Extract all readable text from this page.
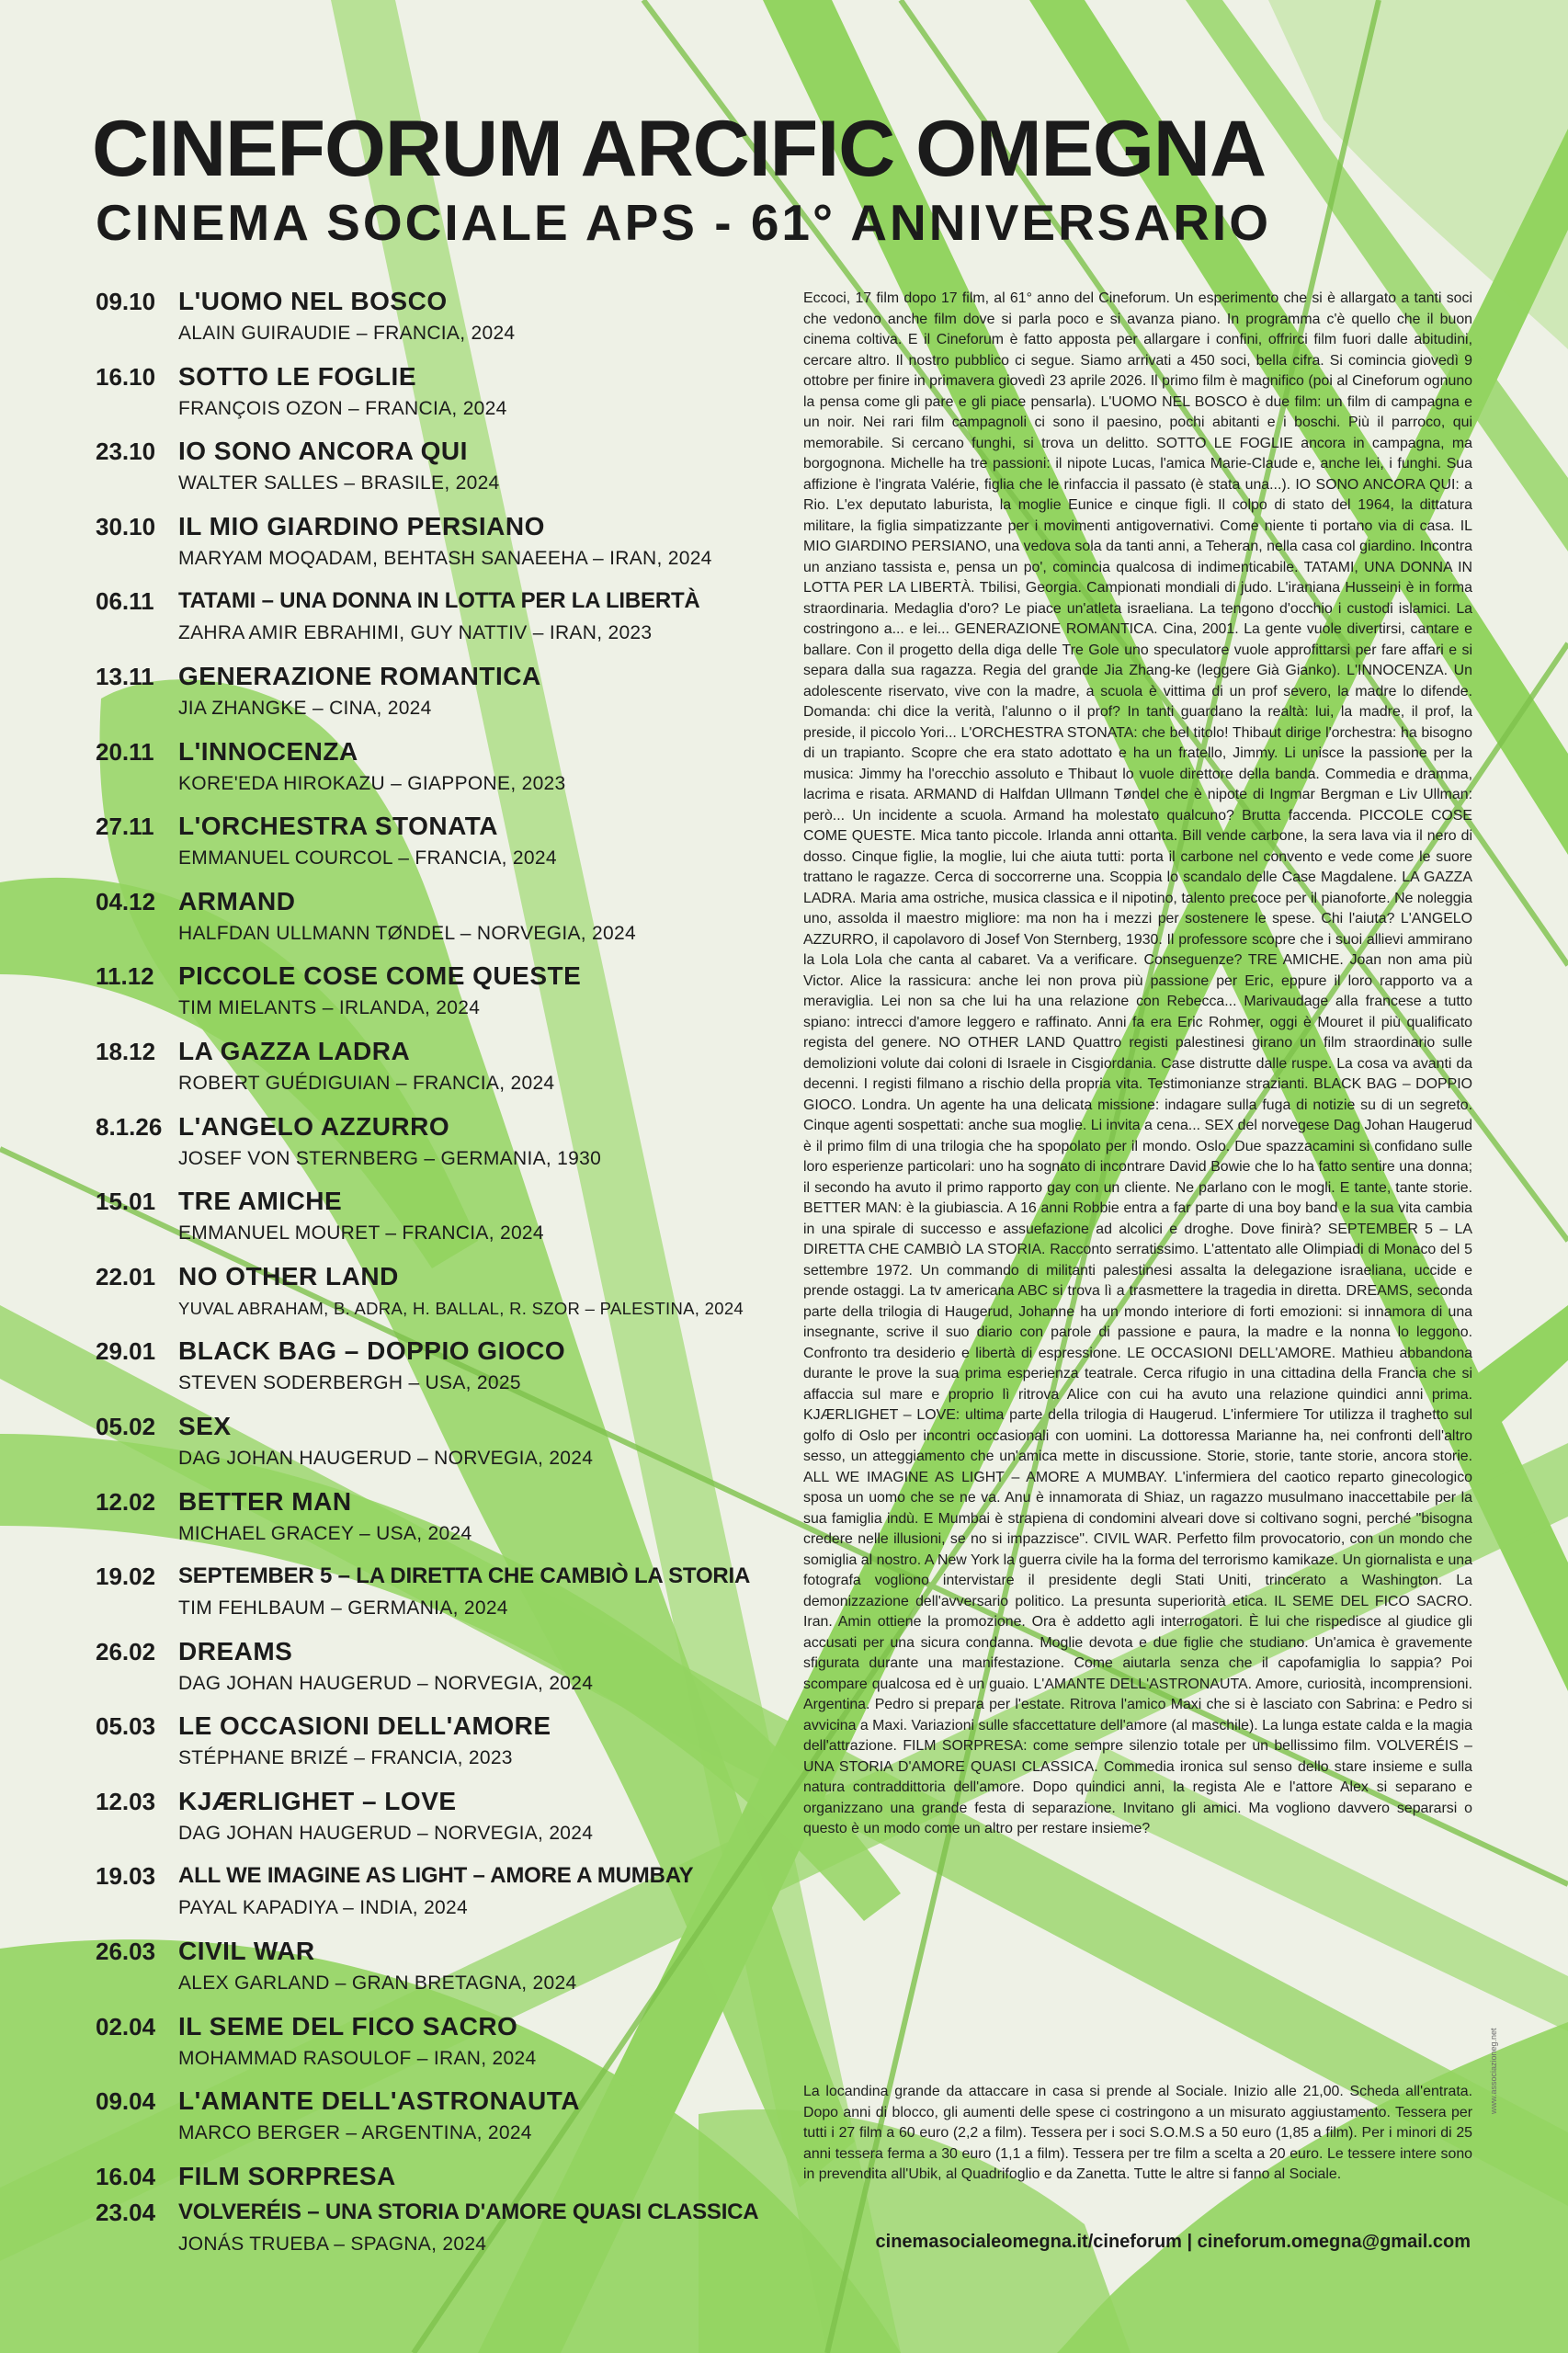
CINEFORUM ARCIFIC OMEGNA
CINEMA SOCIALE APS - 61° ANNIVERSARIO
09.10 L'UOMO NEL BOSCO
ALAIN GUIRAUDIE – FRANCIA, 2024
16.10 SOTTO LE FOGLIE
FRANÇOIS OZON – FRANCIA, 2024
23.10 IO SONO ANCORA QUI
WALTER SALLES – BRASILE, 2024
30.10 IL MIO GIARDINO PERSIANO
MARYAM MOQADAM, BEHTASH SANAEEHA – IRAN, 2024
06.11	TATAMI – UNA DONNA IN LOTTA PER LA LIBERTÀ
ZAHRA AMIR EBRAHIMI, GUY NATTIV – IRAN, 2023
13.11 GENERAZIONE ROMANTICA
JIA ZHANGKE – CINA, 2024
20.11 L'INNOCENZA
KORE'EDA HIROKAZU – GIAPPONE, 2023
27.11 L'ORCHESTRA STONATA
EMMANUEL COURCOL – FRANCIA, 2024
04.12 ARMAND
HALFDAN ULLMANN TØNDEL – NORVEGIA, 2024
11.12 PICCOLE COSE COME QUESTE
TIM MIELANTS – IRLANDA, 2024
18.12 LA GAZZA LADRA
ROBERT GUÉDIGUIAN – FRANCIA, 2024
8.1.26 L'ANGELO AZZURRO
JOSEF VON STERNBERG – GERMANIA, 1930
15.01 TRE AMICHE
EMMANUEL MOURET – FRANCIA, 2024
22.01 NO OTHER LAND
YUVAL ABRAHAM, B. ADRA, H. BALLAL, R. SZOR – PALESTINA, 2024
29.01 BLACK BAG – DOPPIO GIOCO
STEVEN SODERBERGH – USA, 2025
05.02 SEX
DAG JOHAN HAUGERUD – NORVEGIA, 2024
12.02 BETTER MAN
MICHAEL GRACEY – USA, 2024
19.02	SEPTEMBER 5 – LA DIRETTA CHE CAMBIÒ LA STORIA
TIM FEHLBAUM – GERMANIA, 2024
26.02 DREAMS
DAG JOHAN HAUGERUD – NORVEGIA, 2024
05.03 LE OCCASIONI DELL'AMORE
STÉPHANE BRIZÉ – FRANCIA, 2023
12.03 KJÆRLIGHET – LOVE
DAG JOHAN HAUGERUD – NORVEGIA, 2024
19.03	ALL WE IMAGINE AS LIGHT – AMORE A MUMBAY
PAYAL KAPADIYA – INDIA, 2024
26.03 CIVIL WAR
ALEX GARLAND – GRAN BRETAGNA, 2024
02.04 IL SEME DEL FICO SACRO
MOHAMMAD RASOULOF – IRAN, 2024
09.04 L'AMANTE DELL'ASTRONAUTA
MARCO BERGER – ARGENTINA, 2024
16.04 FILM SORPRESA
23.04	VOLVERÉIS – UNA STORIA D'AMORE QUASI CLASSICA
JONÁS TRUEBA – SPAGNA, 2024
Eccoci, 17 film dopo 17 film, al 61° anno del Cineforum. Un esperimento che si è allargato a tanti soci che vedono anche film dove si parla poco e si avanza piano. In programma c'è quello che il buon cinema coltiva. E il Cineforum è fatto apposta per allargare i confini, offrirci film fuori dalle abitudini, cercare altro. Il nostro pubblico ci segue. Siamo arrivati a 450 soci, bella cifra. Si comincia giovedì 9 ottobre per finire in primavera giovedì 23 aprile 2026. Il primo film è magnifico (poi al Cineforum ognuno la pensa come gli pare e gli piace pensarla). L'UOMO NEL BOSCO è due film: un film di campagna e un noir. Nei rari film campagnoli ci sono il paesino, pochi abitanti e i boschi. Più il parroco, qui memorabile. Si cercano funghi, si trova un delitto. SOTTO LE FOGLIE ancora in campagna, ma borgognona. Michelle ha tre passioni: il nipote Lucas, l'amica Marie-Claude e, anche lei, i funghi. Sua affizione è l'ingrata Valérie, figlia che le rinfaccia il passato (è stata una...). IO SONO ANCORA QUI: a Rio. L'ex deputato laburista, la moglie Eunice e cinque figli. Il colpo di stato del 1964, la dittatura militare, la figlia simpatizzante per i movimenti antigovernativi. Come niente ti portano via di casa. IL MIO GIARDINO PERSIANO, una vedova sola da tanti anni, a Teheran, nella casa col giardino. Incontra un anziano tassista e, pensa un po', comincia qualcosa di indimenticabile. TATAMI, UNA DONNA IN LOTTA PER LA LIBERTÀ. Tbilisi, Georgia. Campionati mondiali di judo. L'iraniana Husseini è in forma straordinaria. Medaglia d'oro? Le piace un'atleta israeliana. La tengono d'occhio i custodi islamici. La costringono a... e lei... GENERAZIONE ROMANTICA. Cina, 2001. La gente vuole divertirsi, cantare e ballare. Con il progetto della diga delle Tre Gole uno speculatore vuole approfittarsi per fare affari e si separa dalla sua ragazza. Regia del grande Jia Zhang-ke (leggere Già Gianko). L'INNOCENZA. Un adolescente riservato, vive con la madre, a scuola è vittima di un prof severo, la madre lo difende. Domanda: chi dice la verità, l'alunno o il prof? In tanti guardano la realtà: lui, la madre, il prof, la preside, il piccolo Yori... L'ORCHESTRA STONATA: che bel titolo! Thibaut dirige l'orchestra: ha bisogno di un trapianto. Scopre che era stato adottato e ha un fratello, Jimmy. Li unisce la passione per la musica: Jimmy ha l'orecchio assoluto e Thibaut lo vuole direttore della banda. Commedia e dramma, lacrima e risata. ARMAND di Halfdan Ullmann Tøndel che è nipote di Ingmar Bergman e Liv Ullman: però... Un incidente a scuola. Armand ha molestato qualcuno? Brutta faccenda. PICCOLE COSE COME QUESTE. Mica tanto piccole. Irlanda anni ottanta. Bill vende carbone, la sera lava via il nero di dosso. Cinque figlie, la moglie, lui che aiuta tutti: porta il carbone nel convento e vede come le suore trattano le ragazze. Cerca di soccorrerne una. Scoppia lo scandalo delle Case Magdalene. LA GAZZA LADRA. Maria ama ostriche, musica classica e il nipotino, talento precoce per il pianoforte. Ne noleggia uno, assolda il maestro migliore: ma non ha i mezzi per sostenere le spese. Chi l'aiuta? L'ANGELO AZZURRO, il capolavoro di Josef Von Sternberg, 1930. Il professore scopre che i suoi allievi ammirano la Lola Lola che canta al cabaret. Va a verificare. Conseguenze? TRE AMICHE. Joan non ama più Victor. Alice la rassicura: anche lei non prova più passione per Eric, eppure il loro rapporto va a meraviglia. Lei non sa che lui ha una relazione con Rebecca... Marivaudage alla francese a tutto spiano: intrecci d'amore leggero e raffinato. Anni fa era Eric Rohmer, oggi è Mouret il più qualificato regista del genere. NO OTHER LAND Quattro registi palestinesi girano un film straordinario sulle demolizioni volute dai coloni di Israele in Cisgiordania. Case distrutte dalle ruspe. La cosa va avanti da decenni. I registi filmano a rischio della propria vita. Testimonianze strazianti. BLACK BAG – DOPPIO GIOCO. Londra. Un agente ha una delicata missione: indagare sulla fuga di notizie su di un segreto. Cinque agenti sospettati: anche sua moglie. Li invita a cena... SEX del norvegese Dag Johan Haugerud è il primo film di una trilogia che ha spopolato per il mondo. Oslo. Due spazzacamini si confidano sulle loro esperienze particolari: uno ha sognato di incontrare David Bowie che lo ha fatto sentire una donna; il secondo ha avuto il primo rapporto gay con un cliente. Ne parlano con le mogli. E tante, tante storie. BETTER MAN: è la giubiascia. A 16 anni Robbie entra a far parte di una boy band e la sua vita cambia in una spirale di successo e assuefazione ad alcolici e droghe. Dove finirà? SEPTEMBER 5 – LA DIRETTA CHE CAMBIÒ LA STORIA. Racconto serratissimo. L'attentato alle Olimpiadi di Monaco del 5 settembre 1972. Un commando di militanti palestinesi assalta la delegazione israeliana, uccide e prende ostaggi. La tv americana ABC si trova lì a trasmettere la tragedia in diretta. DREAMS, seconda parte della trilogia di Haugerud, Johanne ha un mondo interiore di forti emozioni: si innamora di una insegnante, scrive il suo diario con parole di passione e paura, la madre e la nonna lo leggono. Confronto tra desiderio e libertà di espressione. LE OCCASIONI DELL'AMORE. Mathieu abbandona durante le prove la sua prima esperienza teatrale. Cerca rifugio in una cittadina della Francia che si affaccia sul mare e proprio lì ritrova Alice con cui ha avuto una relazione quindici anni prima. KJÆRLIGHET – LOVE: ultima parte della trilogia di Haugerud. L'infermiere Tor utilizza il traghetto sul golfo di Oslo per incontri occasionali con uomini. La dottoressa Marianne ha, nei confronti dell'altro sesso, un atteggiamento che un'amica mette in discussione. Storie, storie, tante storie, ancora storie. ALL WE IMAGINE AS LIGHT – AMORE A MUMBAY. L'infermiera del caotico reparto ginecologico sposa un uomo che se ne va. Anu è innamorata di Shiaz, un ragazzo musulmano inaccettabile per la sua famiglia indù. E Mumbai è strapiena di condomini alveari dove si coltivano sogni, perché "bisogna credere nelle illusioni, se no si impazzisce". CIVIL WAR. Perfetto film provocatorio, con un mondo che somiglia al nostro. A New York la guerra civile ha la forma del terrorismo kamikaze. Un giornalista e una fotografa vogliono intervistare il presidente degli Stati Uniti, trincerato a Washington. La demonizzazione dell'avversario politico. La presunta superiorità etica. IL SEME DEL FICO SACRO. Iran. Amin ottiene la promozione. Ora è addetto agli interrogatori. È lui che rispedisce al giudice gli accusati per una sicura condanna. Moglie devota e due figlie che studiano. Un'amica è gravemente sfigurata durante una manifestazione. Come aiutarla senza che il capofamiglia lo sappia? Poi scompare qualcosa ed è un guaio. L'AMANTE DELL'ASTRONAUTA. Amore, curiosità, incomprensioni. Argentina. Pedro si prepara per l'estate. Ritrova l'amico Maxi che si è lasciato con Sabrina: e Pedro si avvicina a Maxi. Variazioni sulle sfaccettature dell'amore (al maschile). La lunga estate calda e la magia dell'attrazione. FILM SORPRESA: come sempre silenzio totale per un bellissimo film. VOLVERÉIS – UNA STORIA D'AMORE QUASI CLASSICA. Commedia ironica sul senso dello stare insieme e sulla natura contraddittoria dell'amore. Dopo quindici anni, la regista Ale e l'attore Alex si separano e organizzano una grande festa di separazione. Invitano gli amici. Ma vogliono davvero separarsi o questo è un modo come un altro per restare insieme?
La locandina grande da attaccare in casa si prende al Sociale. Inizio alle 21,00. Scheda all'entrata. Dopo anni di blocco, gli aumenti delle spese ci costringono a un misurato aggiustamento. Tessera per tutti i 27 film a 60 euro (2,2 a film). Tessera per i soci S.O.M.S a 50 euro (1,85 a film). Per i minori di 25 anni tessera ferma a 30 euro (1,1 a film). Tessera per tre film a scelta a 20 euro. Le tessere intere sono in prevendita all'Ubik, al Quadrifoglio e da Zanetta. Tutte le altre si fanno al Sociale.
cinemasocialeomegna.it/cineforum | cineforum.omegna@gmail.com
www.associazioneg.net
